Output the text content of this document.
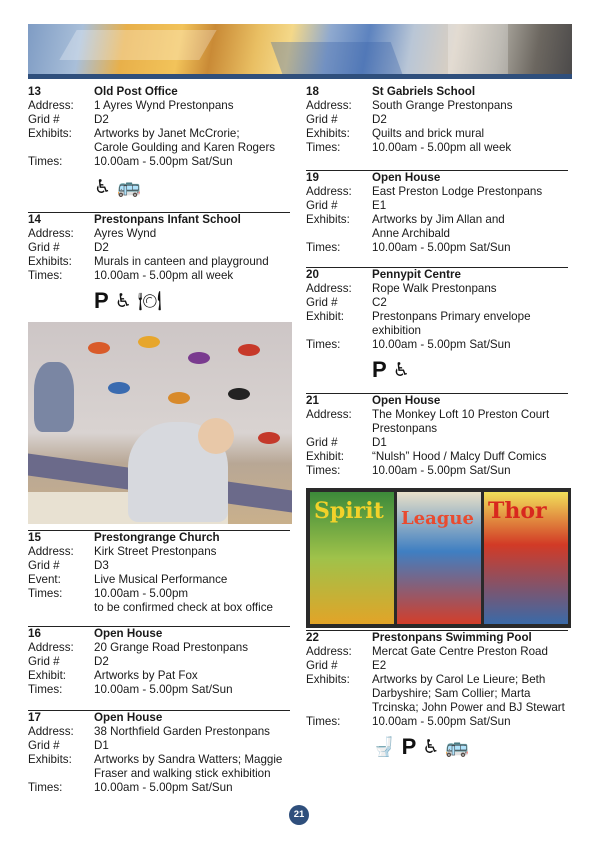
13	Old Post Office
Address:	1 Ayres Wynd Prestonpans
Grid #	D2
Exhibits:	Artworks by Janet McCrorie;
Carole Goulding and Karen Rogers
Times:	10.00am - 5.00pm Sat/Sun
♿ 🚌
14	Prestonpans Infant School
Address:	Ayres Wynd
Grid #	D2
Exhibits:	Murals in canteen and playground
Times:	10.00am - 5.00pm all week
P ♿ 🍽
15	Prestongrange Church
Address:	Kirk Street Prestonpans
Grid #	D3
Event:	Live Musical Performance
Times:	10.00am - 5.00pm
to be confirmed check at box office
16	Open House
Address:	20 Grange Road Prestonpans
Grid #	D2
Exhibit:	Artworks by Pat Fox
Times:	10.00am - 5.00pm Sat/Sun
17	Open House
Address:	38 Northfield Garden Prestonpans
Grid #	D1
Exhibits:	Artworks by Sandra Watters; Maggie
Fraser and walking stick exhibition
Times:	10.00am - 5.00pm Sat/Sun
18	St Gabriels School
Address:	South Grange Prestonpans
Grid #	D2
Exhibits:	Quilts and brick mural
Times:	10.00am - 5.00pm all week
19	Open House
Address:	East Preston Lodge Prestonpans
Grid #	E1
Exhibits:	Artworks by Jim Allan and
Anne Archibald
Times:	10.00am - 5.00pm Sat/Sun
20	Pennypit Centre
Address:	Rope Walk Prestonpans
Grid #	C2
Exhibit:	Prestonpans Primary envelope
exhibition
Times:	10.00am - 5.00pm Sat/Sun
P ♿
21	Open House
Address:	The Monkey Loft 10 Preston Court
Prestonpans
Grid #	D1
Exhibit:	“Nulsh” Hood / Malcy Duff Comics
Times:	10.00am - 5.00pm Sat/Sun
22	Prestonpans Swimming Pool
Address:	Mercat Gate Centre Preston Road
Grid #	E2
Exhibits:	Artworks by Carol Le Lieure; Beth
Darbyshire; Sam Collier; Marta
Trcinska; John Power and BJ Stewart
Times:	10.00am - 5.00pm Sat/Sun
🚽 P ♿ 🚌
Spirit League Thor
21
